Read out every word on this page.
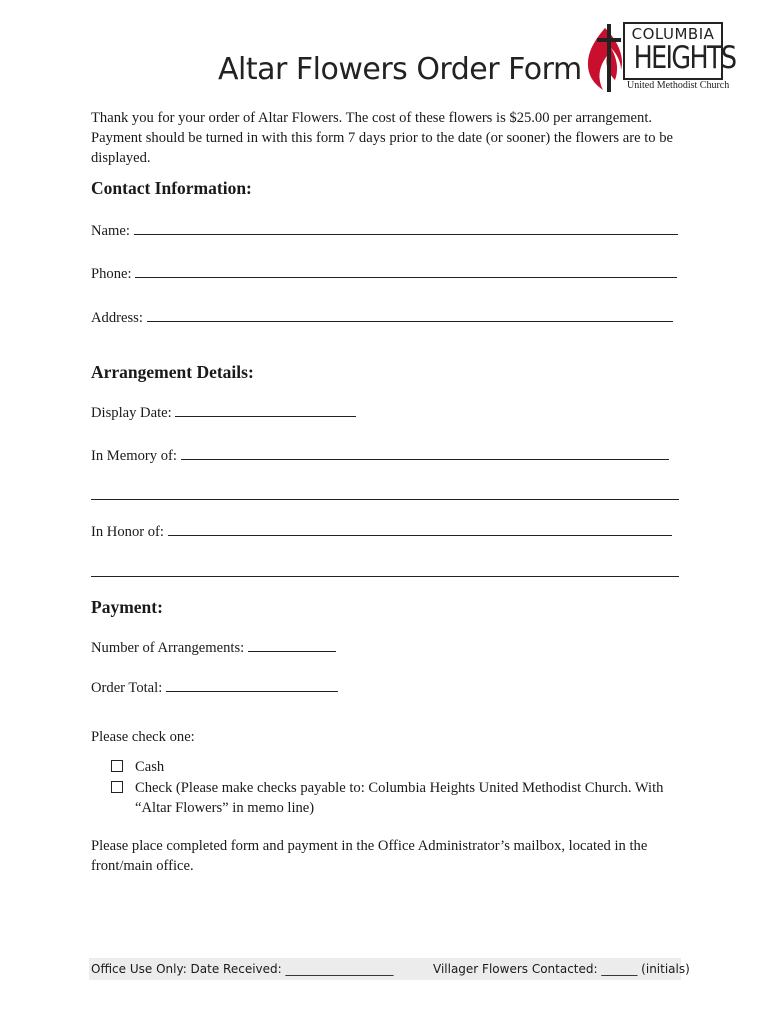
Altar Flowers Order Form
COLUMBIA
HEIGHTS
United Methodist Church
Thank you for your order of Altar Flowers. The cost of these flowers is $25.00 per arrangement. Payment should be turned in with this form 7 days prior to the date (or sooner) the flowers are to be displayed.
Contact Information:
Name:
Phone:
Address:
Arrangement Details:
Display Date:
In Memory of:
In Honor of:
Payment:
Number of Arrangements:
Order Total:
Please check one:
Cash
Check (Please make checks payable to: Columbia Heights United Methodist Church. With
“Altar Flowers” in memo line)
Please place completed form and payment in the Office Administrator’s mailbox, located in the front/main office.
Office Use Only: Date Received: __________________	Villager Flowers Contacted: ______ (initials)
